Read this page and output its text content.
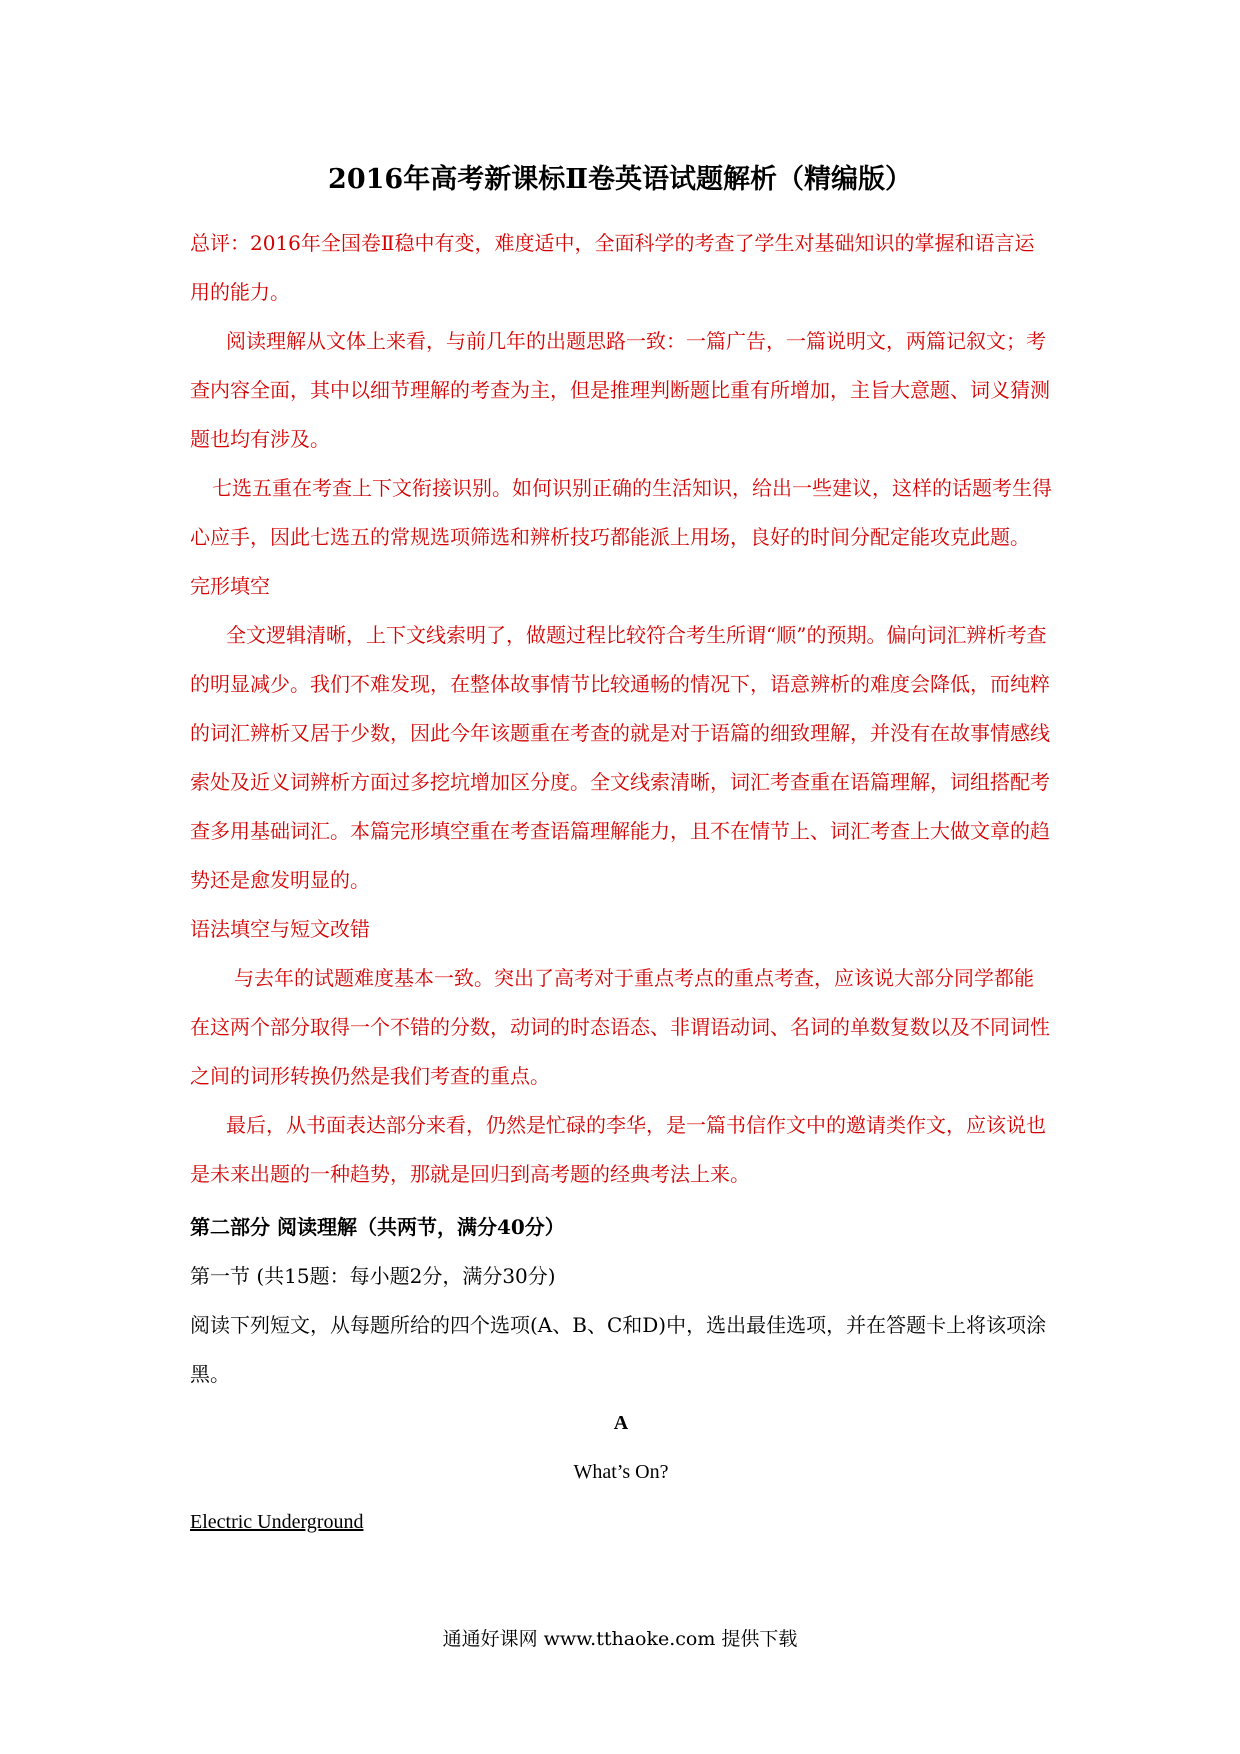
2016年高考新课标Ⅱ卷英语试题解析（精编版）

总评：2016年全国卷Ⅱ稳中有变，难度适中，全面科学的考查了学生对基础知识的掌握和语言运用的能力。

阅读理解从文体上来看，与前几年的出题思路一致：一篇广告，一篇说明文，两篇记叙文；考查内容全面，其中以细节理解的考查为主，但是推理判断题比重有所增加，主旨大意题、词义猜测题也均有涉及。

七选五重在考查上下文衔接识别。如何识别正确的生活知识，给出一些建议，这样的话题考生得心应手，因此七选五的常规选项筛选和辨析技巧都能派上用场，良好的时间分配定能攻克此题。

完形填空

全文逻辑清晰，上下文线索明了，做题过程比较符合考生所谓“顺”的预期。偏向词汇辨析考查的明显减少。我们不难发现，在整体故事情节比较通畅的情况下，语意辨析的难度会降低，而纯粹的词汇辨析又居于少数，因此今年该题重在考查的就是对于语篇的细致理解，并没有在故事情感线索处及近义词辨析方面过多挖坑增加区分度。全文线索清晰，词汇考查重在语篇理解，词组搭配考查多用基础词汇。本篇完形填空重在考查语篇理解能力，且不在情节上、词汇考查上大做文章的趋势还是愈发明显的。

语法填空与短文改错

与去年的试题难度基本一致。突出了高考对于重点考点的重点考查，应该说大部分同学都能在这两个部分取得一个不错的分数，动词的时态语态、非谓语动词、名词的单数复数以及不同词性之间的词形转换仍然是我们考查的重点。

最后，从书面表达部分来看，仍然是忙碌的李华，是一篇书信作文中的邀请类作文，应该说也是未来出题的一种趋势，那就是回归到高考题的经典考法上来。

第二部分 阅读理解（共两节，满分40分）

第一节 (共15题：每小题2分，满分30分)

阅读下列短文，从每题所给的四个选项(A、B、C和D)中，选出最佳选项，并在答题卡上将该项涂黑。

A

What’s On?

Electric Underground

通通好课网 www.tthaoke.com 提供下载
